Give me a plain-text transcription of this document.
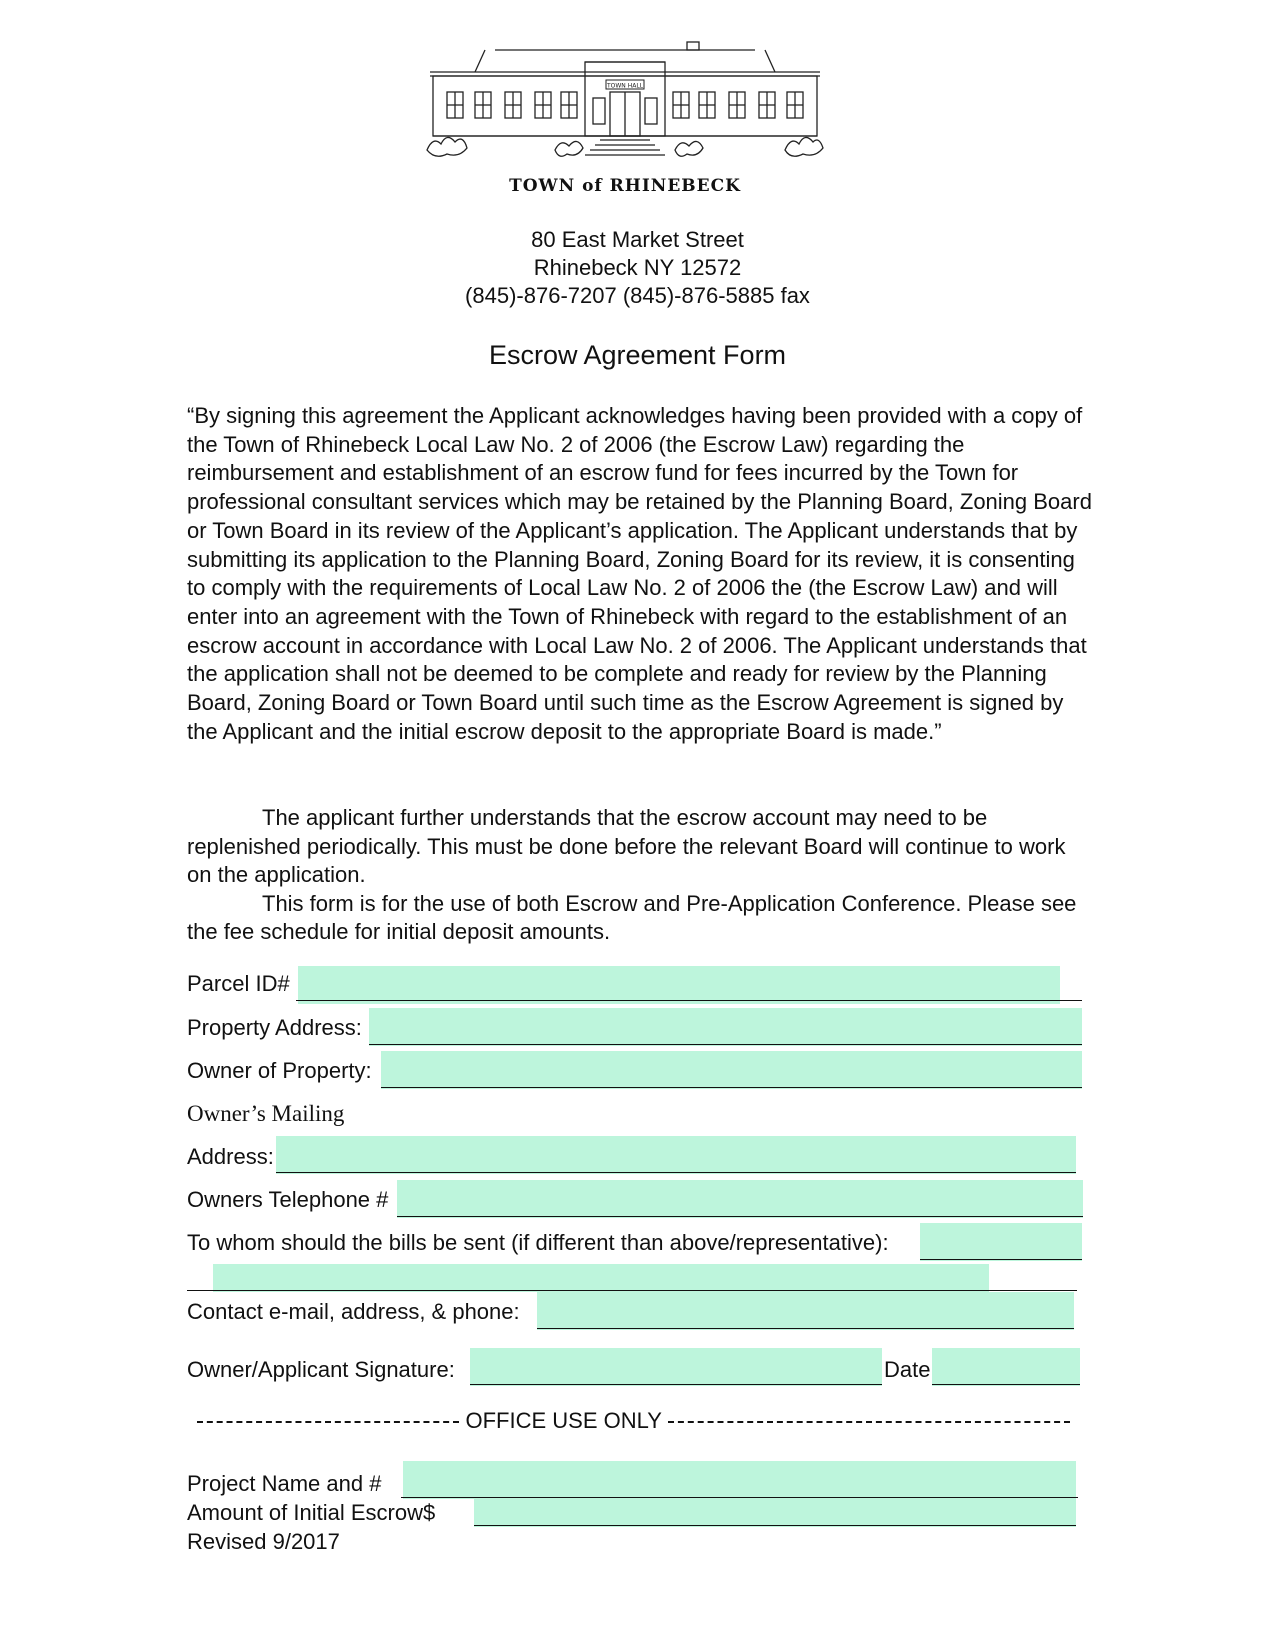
TOWN HALL
TOWN of RHINEBECK
80 East Market Street
Rhinebeck NY 12572
(845)-876-7207 (845)-876-5885 fax
Escrow Agreement Form
“By signing this agreement the Applicant acknowledges having been provided with a copy of the Town of Rhinebeck Local Law No. 2 of 2006 (the Escrow Law) regarding the reimbursement and establishment of an escrow fund for fees incurred by the Town for professional consultant services which may be retained by the Planning Board, Zoning Board or Town Board in its review of the Applicant’s application. The Applicant understands that by submitting its application to the Planning Board, Zoning Board for its review, it is consenting to comply with the requirements of Local Law No. 2 of 2006 the (the Escrow Law) and will enter into an agreement with the Town of Rhinebeck with regard to the establishment of an escrow account in accordance with Local Law No. 2 of 2006. The Applicant understands that the application shall not be deemed to be complete and ready for review by the Planning Board, Zoning Board or Town Board until such time as the Escrow Agreement is signed by the Applicant and the initial escrow deposit to the appropriate Board is made.”
The applicant further understands that the escrow account may need to be replenished periodically. This must be done before the relevant Board will continue to work on the application.
This form is for the use of both Escrow and Pre-Application Conference. Please see the fee schedule for initial deposit amounts.
Parcel ID#
Property Address:
Owner of Property:
Owner’s Mailing
Address:
Owners Telephone #
To whom should the bills be sent (if different than above/representative):
Contact e-mail, address, & phone:
Owner/Applicant Signature:	Date
OFFICE USE ONLY
Project Name and #
Amount of Initial Escrow$
Revised 9/2017
